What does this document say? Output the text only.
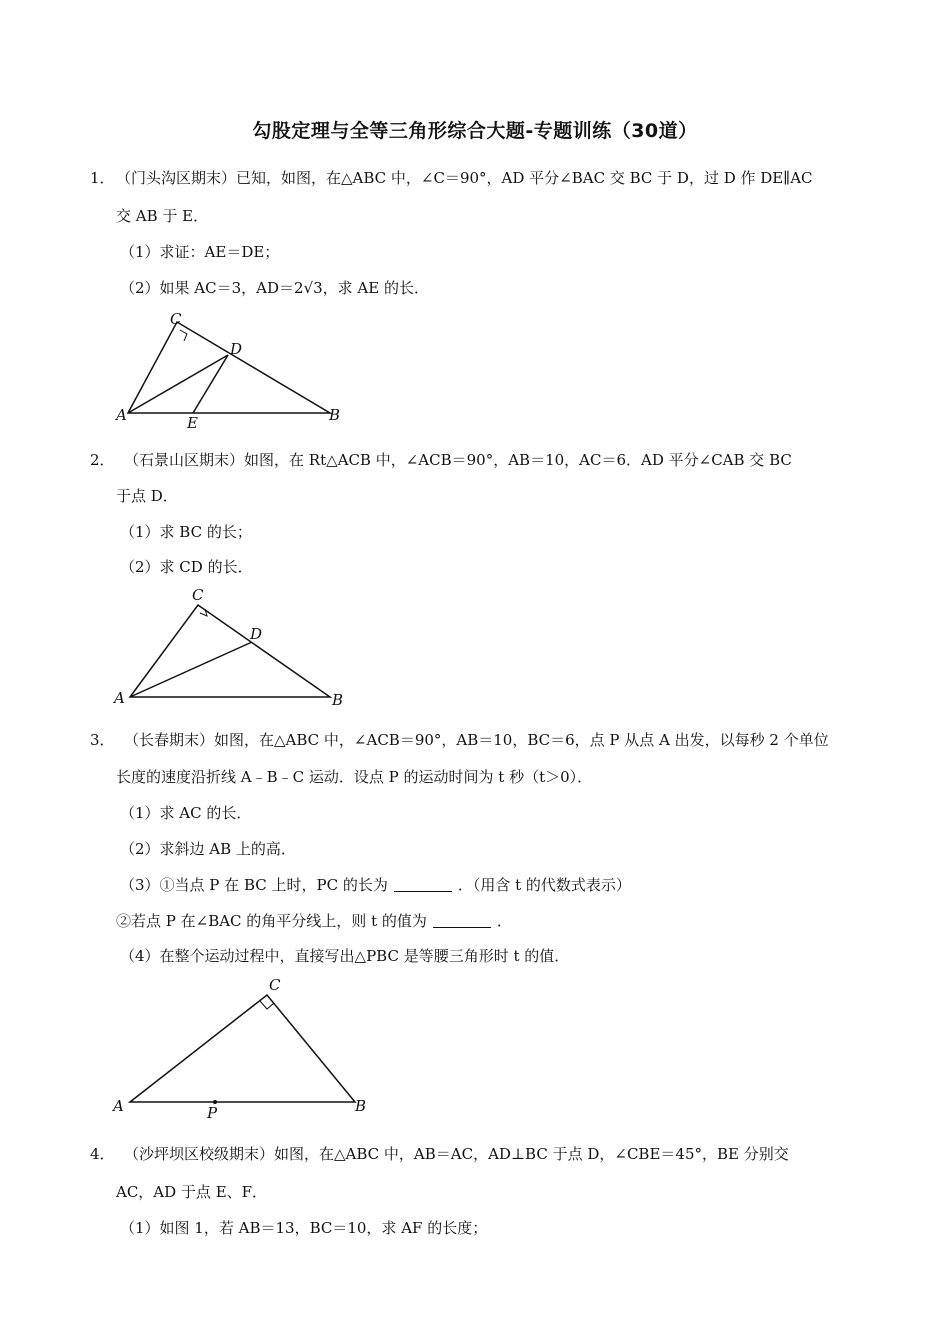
勾股定理与全等三角形综合大题-专题训练（30道）
1． （门头沟区期末）已知，如图，在△ABC 中，∠C＝90°，AD 平分∠BAC 交 BC 于 D，过 D 作 DE∥AC
交 AB 于 E．
（1）求证：AE＝DE；
（2）如果 AC＝3，AD＝2√3，求 AE 的长．
C
D
A	E	B
2． （石景山区期末）如图，在 Rt△ACB 中，∠ACB＝90°，AB＝10，AC＝6．AD 平分∠CAB 交 BC
于点 D．
（1）求 BC 的长；
（2）求 CD 的长．
C
D
A	B
3． （长春期末）如图，在△ABC 中，∠ACB＝90°，AB＝10，BC＝6，点 P 从点 A 出发，以每秒 2 个单位
长度的速度沿折线 A﹣B﹣C 运动．设点 P 的运动时间为 t 秒（t＞0）．
（1）求 AC 的长．
（2）求斜边 AB 上的高．
（3）①当点 P 在 BC 上时，PC 的长为	．（用含 t 的代数式表示）
②若点 P 在∠BAC 的角平分线上，则 t 的值为	．
（4）在整个运动过程中，直接写出△PBC 是等腰三角形时 t 的值．
C
A	P	B
4． （沙坪坝区校级期末）如图，在△ABC 中，AB＝AC，AD⊥BC 于点 D，∠CBE＝45°，BE 分别交
AC，AD 于点 E、F．
（1）如图 1，若 AB＝13，BC＝10，求 AF 的长度；
